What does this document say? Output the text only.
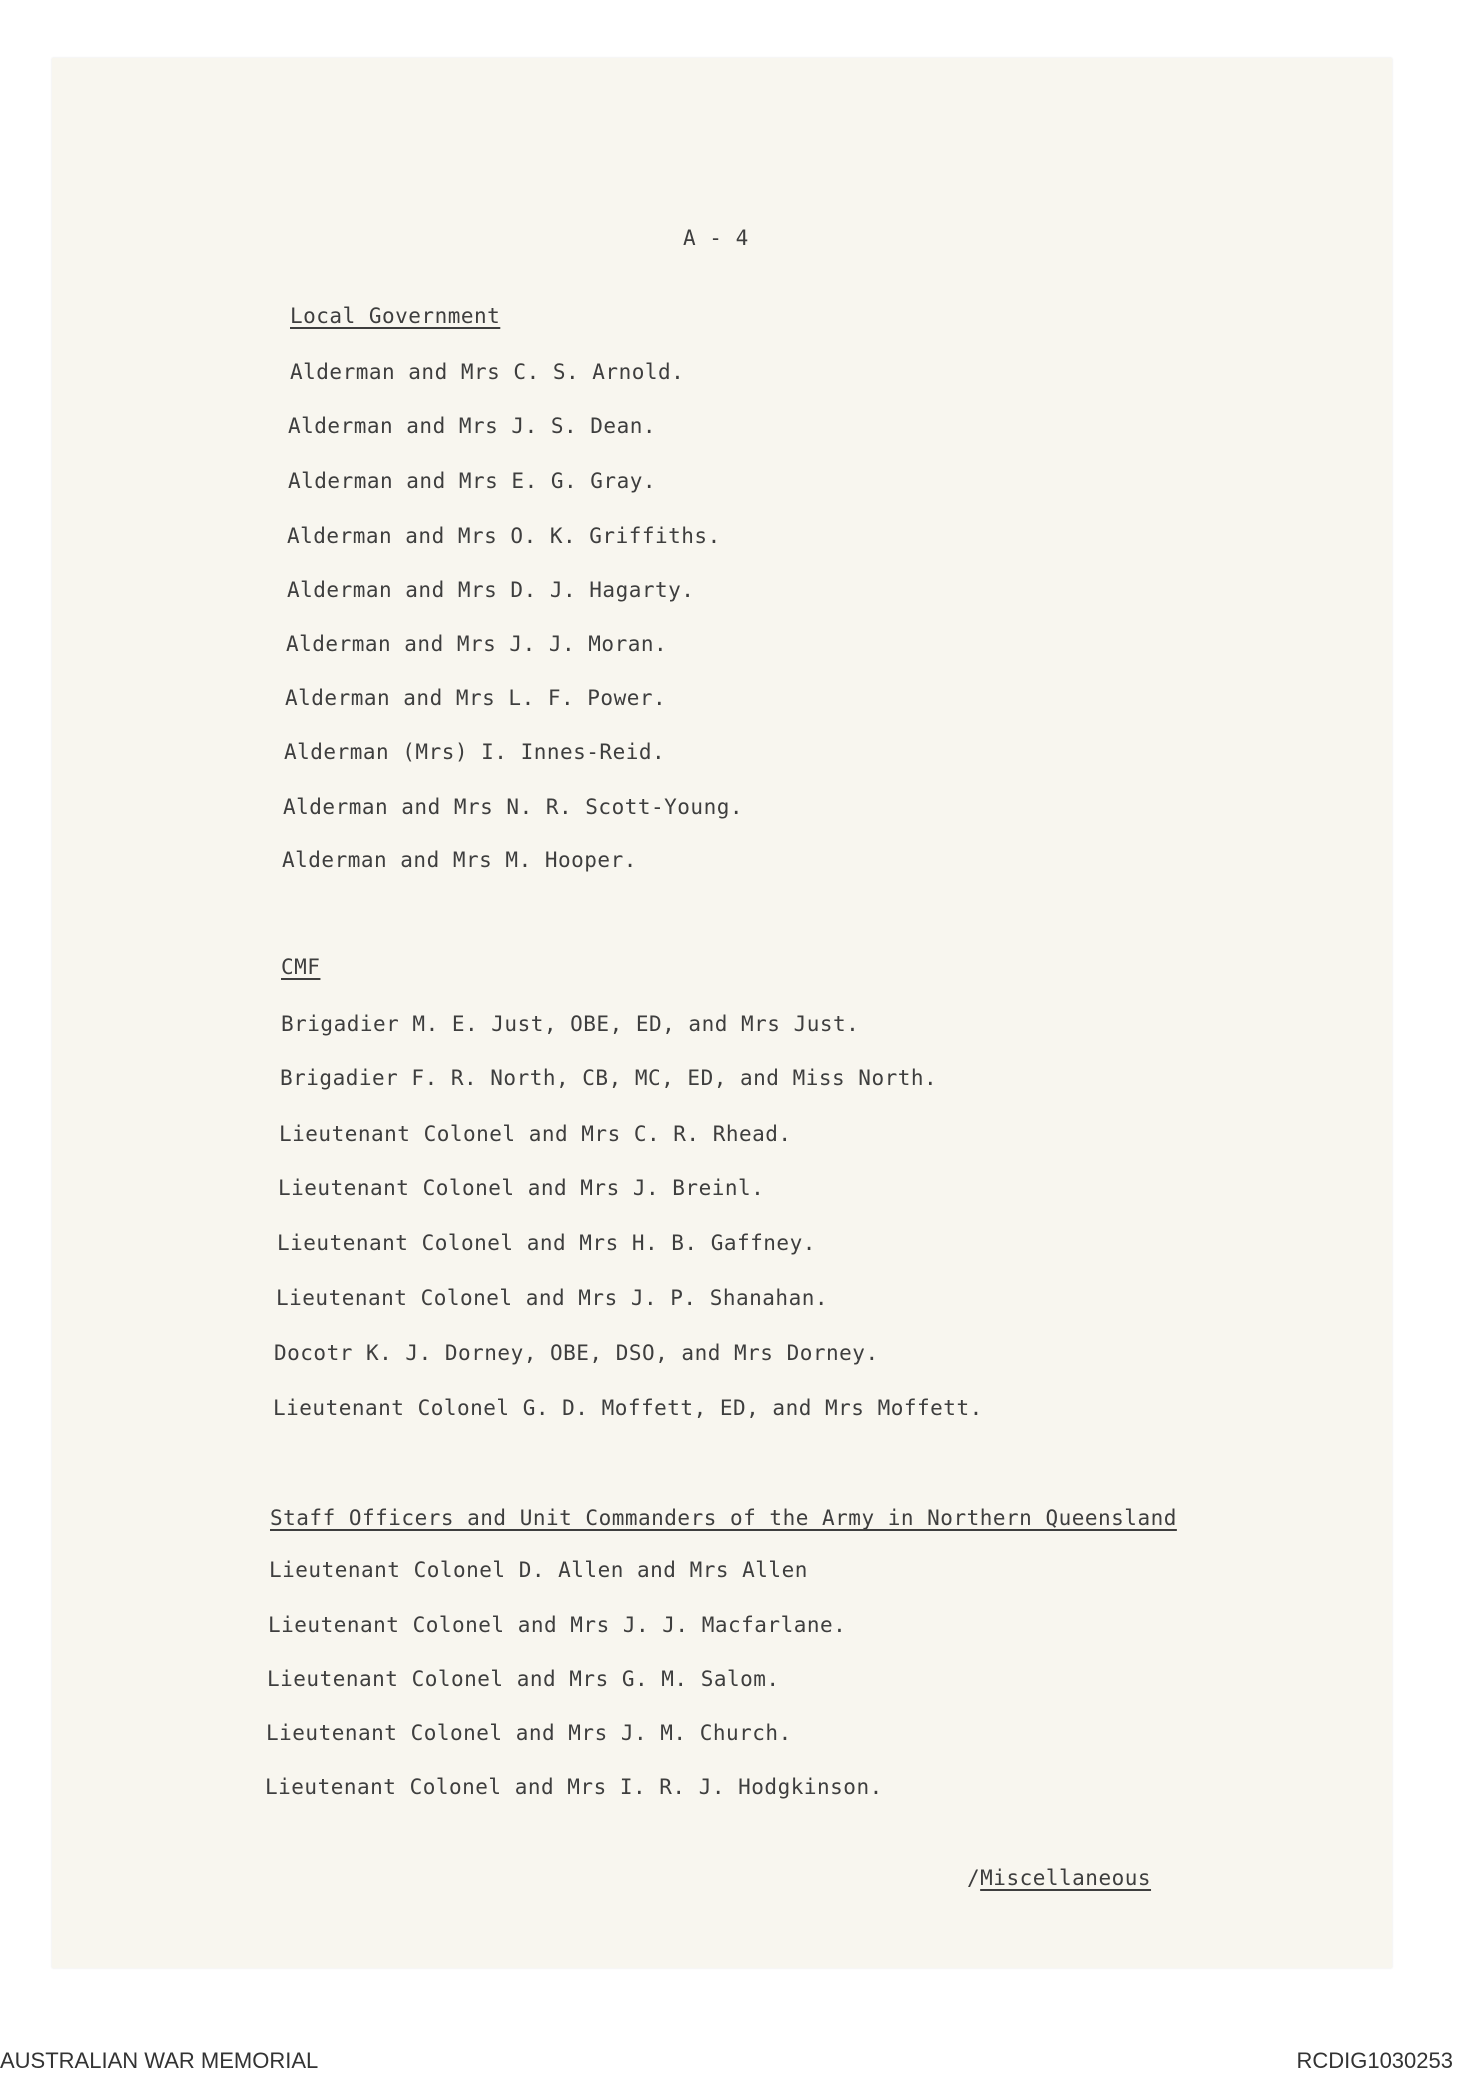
A - 4
Local Government
Alderman and Mrs C. S. Arnold.
Alderman and Mrs J. S. Dean.
Alderman and Mrs E. G. Gray.
Alderman and Mrs O. K. Griffiths.
Alderman and Mrs D. J. Hagarty.
Alderman and Mrs J. J. Moran.
Alderman and Mrs L. F. Power.
Alderman (Mrs) I. Innes-Reid.
Alderman and Mrs N. R. Scott-Young.
Alderman and Mrs M. Hooper.
CMF
Brigadier M. E. Just, OBE, ED, and Mrs Just.
Brigadier F. R. North, CB, MC, ED, and Miss North.
Lieutenant Colonel and Mrs C. R. Rhead.
Lieutenant Colonel and Mrs J. Breinl.
Lieutenant Colonel and Mrs H. B. Gaffney.
Lieutenant Colonel and Mrs J. P. Shanahan.
Docotr K. J. Dorney, OBE, DSO, and Mrs Dorney.
Lieutenant Colonel G. D. Moffett, ED, and Mrs Moffett.
Staff Officers and Unit Commanders of the Army in Northern Queensland
Lieutenant Colonel D. Allen and Mrs Allen
Lieutenant Colonel and Mrs J. J. Macfarlane.
Lieutenant Colonel and Mrs G. M. Salom.
Lieutenant Colonel and Mrs J. M. Church.
Lieutenant Colonel and Mrs I. R. J. Hodgkinson.
/Miscellaneous
AUSTRALIAN WAR MEMORIAL	RCDIG1030253
